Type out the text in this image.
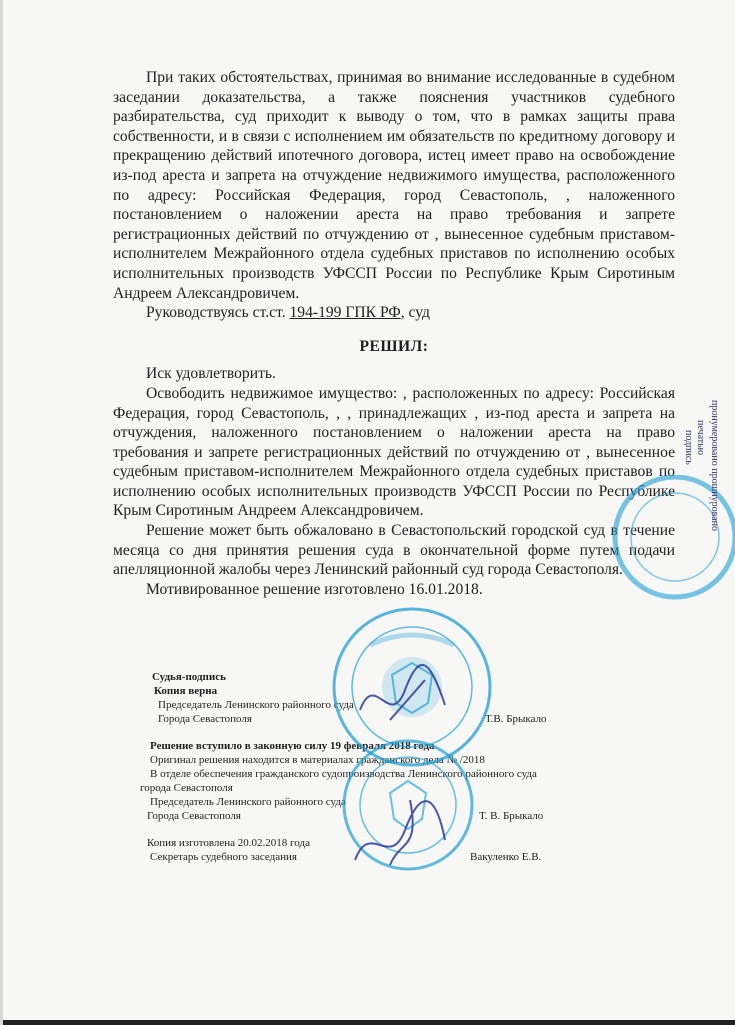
При таких обстоятельствах, принимая во внимание исследованные в судебном заседании доказательства, а также пояснения участников судебного разбирательства, суд приходит к выводу о том, что в рамках защиты права собственности, и в связи с исполнением им обязательств по кредитному договору и прекращению действий ипотечного договора, истец имеет право на освобождение из-под ареста и запрета на отчуждение недвижимого имущества, расположенного по адресу: Российская Федерация, город Севастополь, , наложенного постановлением о наложении ареста на право требования и запрете регистрационных действий по отчуждению от , вынесенное судебным приставом-исполнителем Межрайонного отдела судебных приставов по исполнению особых исполнительных производств УФССП России по Республике Крым Сиротиным Андреем Александровичем.

Руководствуясь ст.ст. 194-199 ГПК РФ, суд

РЕШИЛ:

Иск удовлетворить.

Освободить недвижимое имущество: , расположенных по адресу: Российская Федерация, город Севастополь, , , принадлежащих , из-под ареста и запрета на отчуждения, наложенного постановлением о наложении ареста на право требования и запрете регистрационных действий по отчуждению от , вынесенное судебным приставом-исполнителем Межрайонного отдела судебных приставов по исполнению особых исполнительных производств УФССП России по Республике Крым Сиротиным Андреем Александровичем.

Решение может быть обжаловано в Севастопольский городской суд в течение месяца со дня принятия решения суда в окончательной форме путем подачи апелляционной жалобы через Ленинский районный суд города Севастополя.

Мотивированное решение изготовлено 16.01.2018.

Судья-подпись
Копия верна
Председатель Ленинского районного суда
Города Севастополя	Т.В. Брыкало
Решение вступило в законную силу 19 февраля 2018 года
Оригинал решения находится в материалах гражданского дела № /2018
В отделе обеспечения гражданского судопроизводства Ленинского районного суда
города Севастополя
Председатель Ленинского районного суда
Города Севастополя	Т. В. Брыкало
Копия изготовлена 20.02.2018 года
Секретарь судебного заседания	Вакуленко Е.В.
пронумеровано прошнуровано
печатью
подпись
